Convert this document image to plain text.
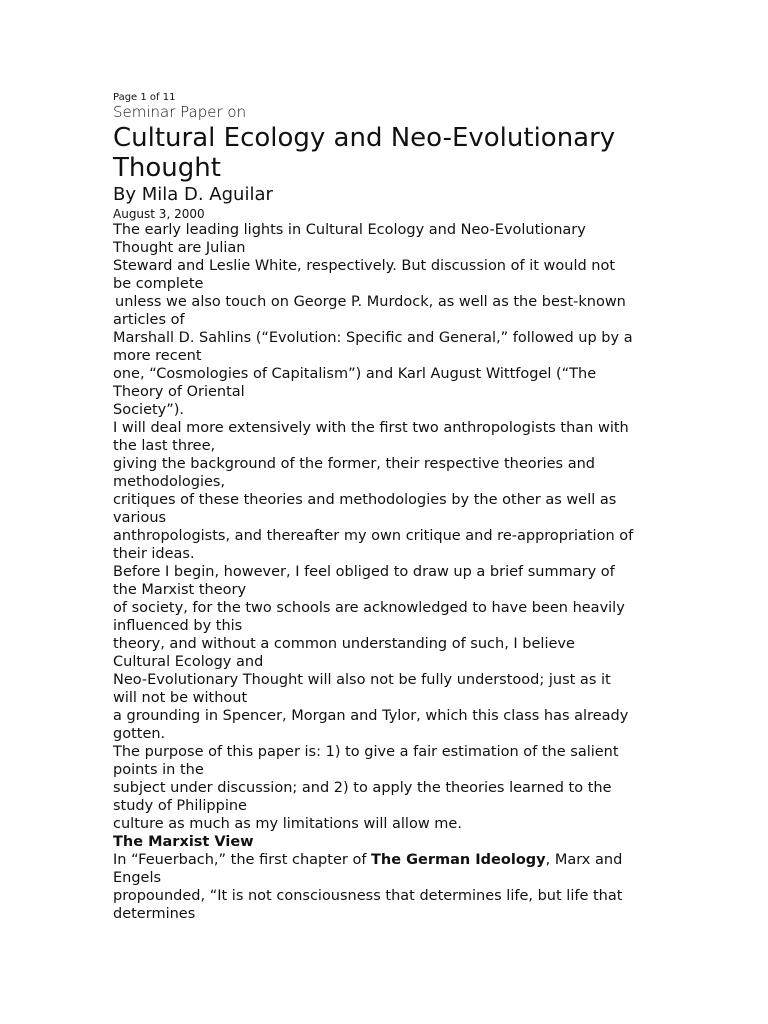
Page 1 of 11

Seminar Paper on

Cultural Ecology and Neo-Evolutionary
Thought
By Mila D. Aguilar

August 3, 2000

The early leading lights in Cultural Ecology and Neo-Evolutionary

Thought are Julian

Steward and Leslie White, respectively. But discussion of it would not

be complete

unless we also touch on George P. Murdock, as well as the best-known

articles of

Marshall D. Sahlins (“Evolution: Specific and General,” followed up by a

more recent

one, “Cosmologies of Capitalism”) and Karl August Wittfogel (“The

Theory of Oriental

Society”).

I will deal more extensively with the first two anthropologists than with

the last three,

giving the background of the former, their respective theories and

methodologies,

critiques of these theories and methodologies by the other as well as

various

anthropologists, and thereafter my own critique and re-appropriation of

their ideas.

Before I begin, however, I feel obliged to draw up a brief summary of

the Marxist theory

of society, for the two schools are acknowledged to have been heavily

influenced by this

theory, and without a common understanding of such, I believe

Cultural Ecology and

Neo-Evolutionary Thought will also not be fully understood; just as it

will not be without

a grounding in Spencer, Morgan and Tylor, which this class has already

gotten.

The purpose of this paper is: 1) to give a fair estimation of the salient

points in the

subject under discussion; and 2) to apply the theories learned to the

study of Philippine

culture as much as my limitations will allow me.

The Marxist View

In “Feuerbach,” the first chapter of The German Ideology, Marx and

Engels

propounded, “It is not consciousness that determines life, but life that

determines
